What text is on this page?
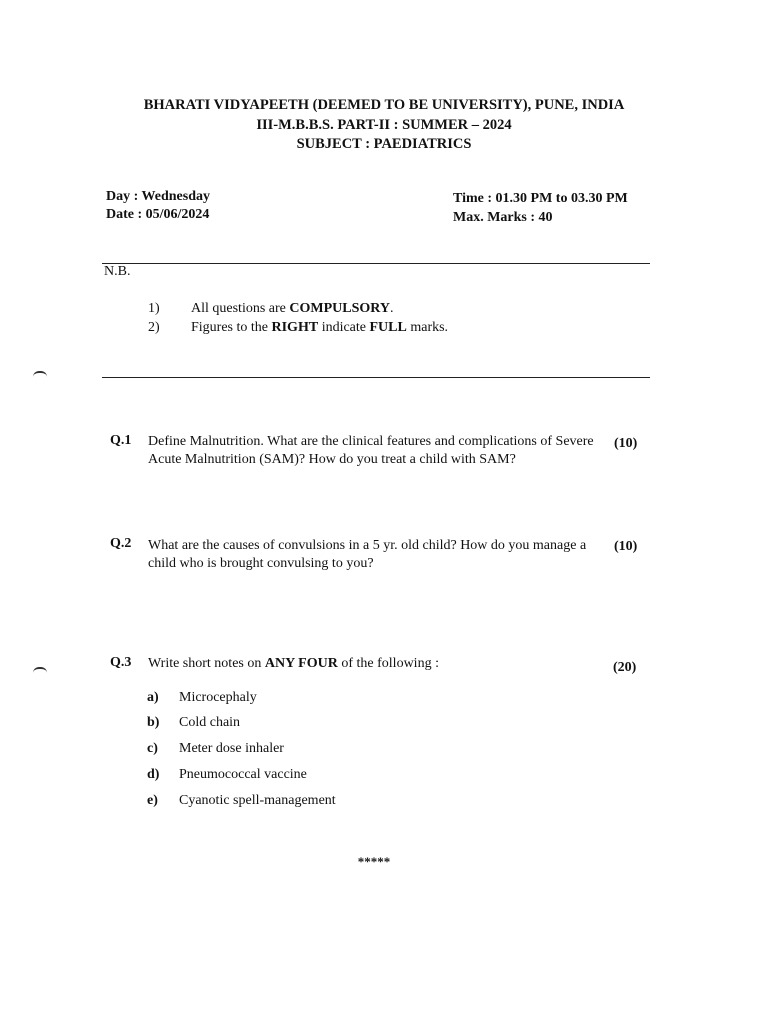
BHARATI VIDYAPEETH (DEEMED TO BE UNIVERSITY), PUNE, INDIA
III-M.B.B.S. PART-II : SUMMER – 2024
SUBJECT : PAEDIATRICS
Day : Wednesday
Date : 05/06/2024
Time : 01.30 PM to 03.30 PM
Max. Marks : 40
N.B.
1) All questions are COMPULSORY.
2) Figures to the RIGHT indicate FULL marks.
Q.1 Define Malnutrition. What are the clinical features and complications of Severe Acute Malnutrition (SAM)? How do you treat a child with SAM?
(10)
Q.2 What are the causes of convulsions in a 5 yr. old child? How do you manage a child who is brought convulsing to you?
(10)
Q.3 Write short notes on ANY FOUR of the following :	(20)
a) Microcephaly
b) Cold chain
c) Meter dose inhaler
d) Pneumococcal vaccine
e) Cyanotic spell-management
*****
